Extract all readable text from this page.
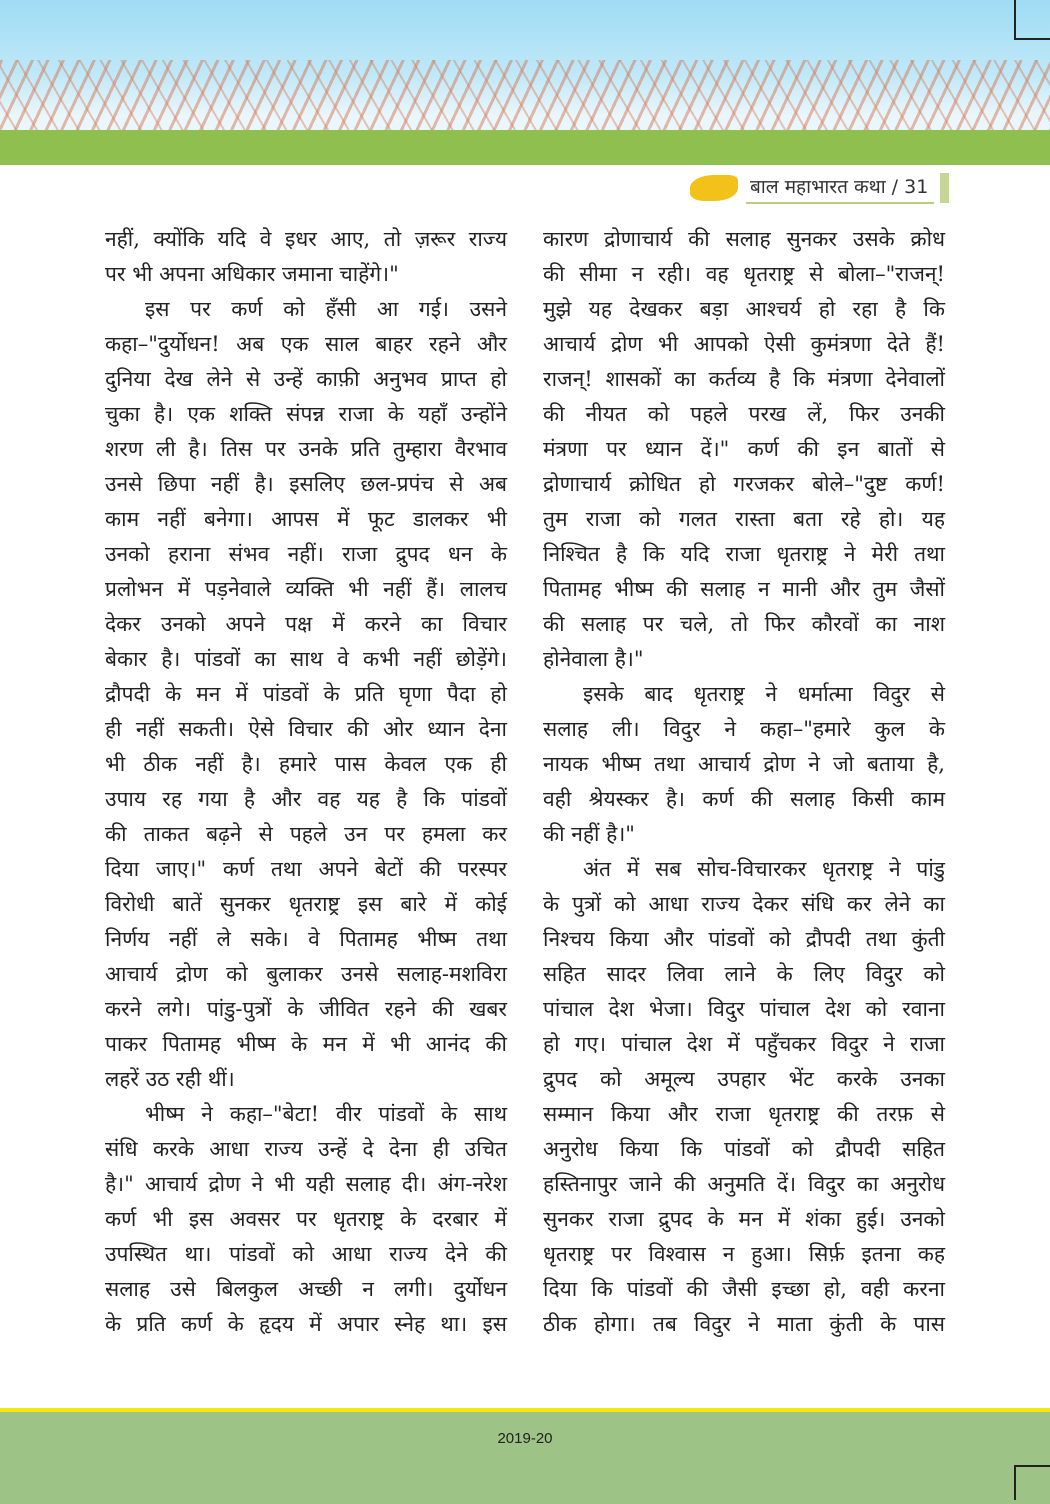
बाल महाभारत कथा / 31
नहीं, क्योंकि यदि वे इधर आए, तो ज़रूर राज्य
पर भी अपना अधिकार जमाना चाहेंगे।"
इस पर कर्ण को हँसी आ गई। उसने
कहा–"दुर्योधन! अब एक साल बाहर रहने और
दुनिया देख लेने से उन्हें काफ़ी अनुभव प्राप्त हो
चुका है। एक शक्ति संपन्न राजा के यहाँ उन्होंने
शरण ली है। तिस पर उनके प्रति तुम्हारा वैरभाव
उनसे छिपा नहीं है। इसलिए छल-प्रपंच से अब
काम नहीं बनेगा। आपस में फूट डालकर भी
उनको हराना संभव नहीं। राजा द्रुपद धन के
प्रलोभन में पड़नेवाले व्यक्ति भी नहीं हैं। लालच
देकर उनको अपने पक्ष में करने का विचार
बेकार है। पांडवों का साथ वे कभी नहीं छोड़ेंगे।
द्रौपदी के मन में पांडवों के प्रति घृणा पैदा हो
ही नहीं सकती। ऐसे विचार की ओर ध्यान देना
भी ठीक नहीं है। हमारे पास केवल एक ही
उपाय रह गया है और वह यह है कि पांडवों
की ताकत बढ़ने से पहले उन पर हमला कर
दिया जाए।" कर्ण तथा अपने बेटों की परस्पर
विरोधी बातें सुनकर धृतराष्ट्र इस बारे में कोई
निर्णय नहीं ले सके। वे पितामह भीष्म तथा
आचार्य द्रोण को बुलाकर उनसे सलाह-मशविरा
करने लगे। पांडु-पुत्रों के जीवित रहने की खबर
पाकर पितामह भीष्म के मन में भी आनंद की
लहरें उठ रही थीं।
भीष्म ने कहा–"बेटा! वीर पांडवों के साथ
संधि करके आधा राज्य उन्हें दे देना ही उचित
है।" आचार्य द्रोण ने भी यही सलाह दी। अंग-नरेश
कर्ण भी इस अवसर पर धृतराष्ट्र के दरबार में
उपस्थित था। पांडवों को आधा राज्य देने की
सलाह उसे बिलकुल अच्छी न लगी। दुर्योधन
के प्रति कर्ण के हृदय में अपार स्नेह था। इस
कारण द्रोणाचार्य की सलाह सुनकर उसके क्रोध
की सीमा न रही। वह धृतराष्ट्र से बोला–"राजन्!
मुझे यह देखकर बड़ा आश्चर्य हो रहा है कि
आचार्य द्रोण भी आपको ऐसी कुमंत्रणा देते हैं!
राजन्! शासकों का कर्तव्य है कि मंत्रणा देनेवालों
की नीयत को पहले परख लें, फिर उनकी
मंत्रणा पर ध्यान दें।" कर्ण की इन बातों से
द्रोणाचार्य क्रोधित हो गरजकर बोले–"दुष्ट कर्ण!
तुम राजा को गलत रास्ता बता रहे हो। यह
निश्चित है कि यदि राजा धृतराष्ट्र ने मेरी तथा
पितामह भीष्म की सलाह न मानी और तुम जैसों
की सलाह पर चले, तो फिर कौरवों का नाश
होनेवाला है।"
इसके बाद धृतराष्ट्र ने धर्मात्मा विदुर से
सलाह ली। विदुर ने कहा–"हमारे कुल के
नायक भीष्म तथा आचार्य द्रोण ने जो बताया है,
वही श्रेयस्कर है। कर्ण की सलाह किसी काम
की नहीं है।"
अंत में सब सोच-विचारकर धृतराष्ट्र ने पांडु
के पुत्रों को आधा राज्य देकर संधि कर लेने का
निश्चय किया और पांडवों को द्रौपदी तथा कुंती
सहित सादर लिवा लाने के लिए विदुर को
पांचाल देश भेजा। विदुर पांचाल देश को रवाना
हो गए। पांचाल देश में पहुँचकर विदुर ने राजा
द्रुपद को अमूल्य उपहार भेंट करके उनका
सम्मान किया और राजा धृतराष्ट्र की तरफ़ से
अनुरोध किया कि पांडवों को द्रौपदी सहित
हस्तिनापुर जाने की अनुमति दें। विदुर का अनुरोध
सुनकर राजा द्रुपद के मन में शंका हुई। उनको
धृतराष्ट्र पर विश्वास न हुआ। सिर्फ़ इतना कह
दिया कि पांडवों की जैसी इच्छा हो, वही करना
ठीक होगा। तब विदुर ने माता कुंती के पास
2019-20
